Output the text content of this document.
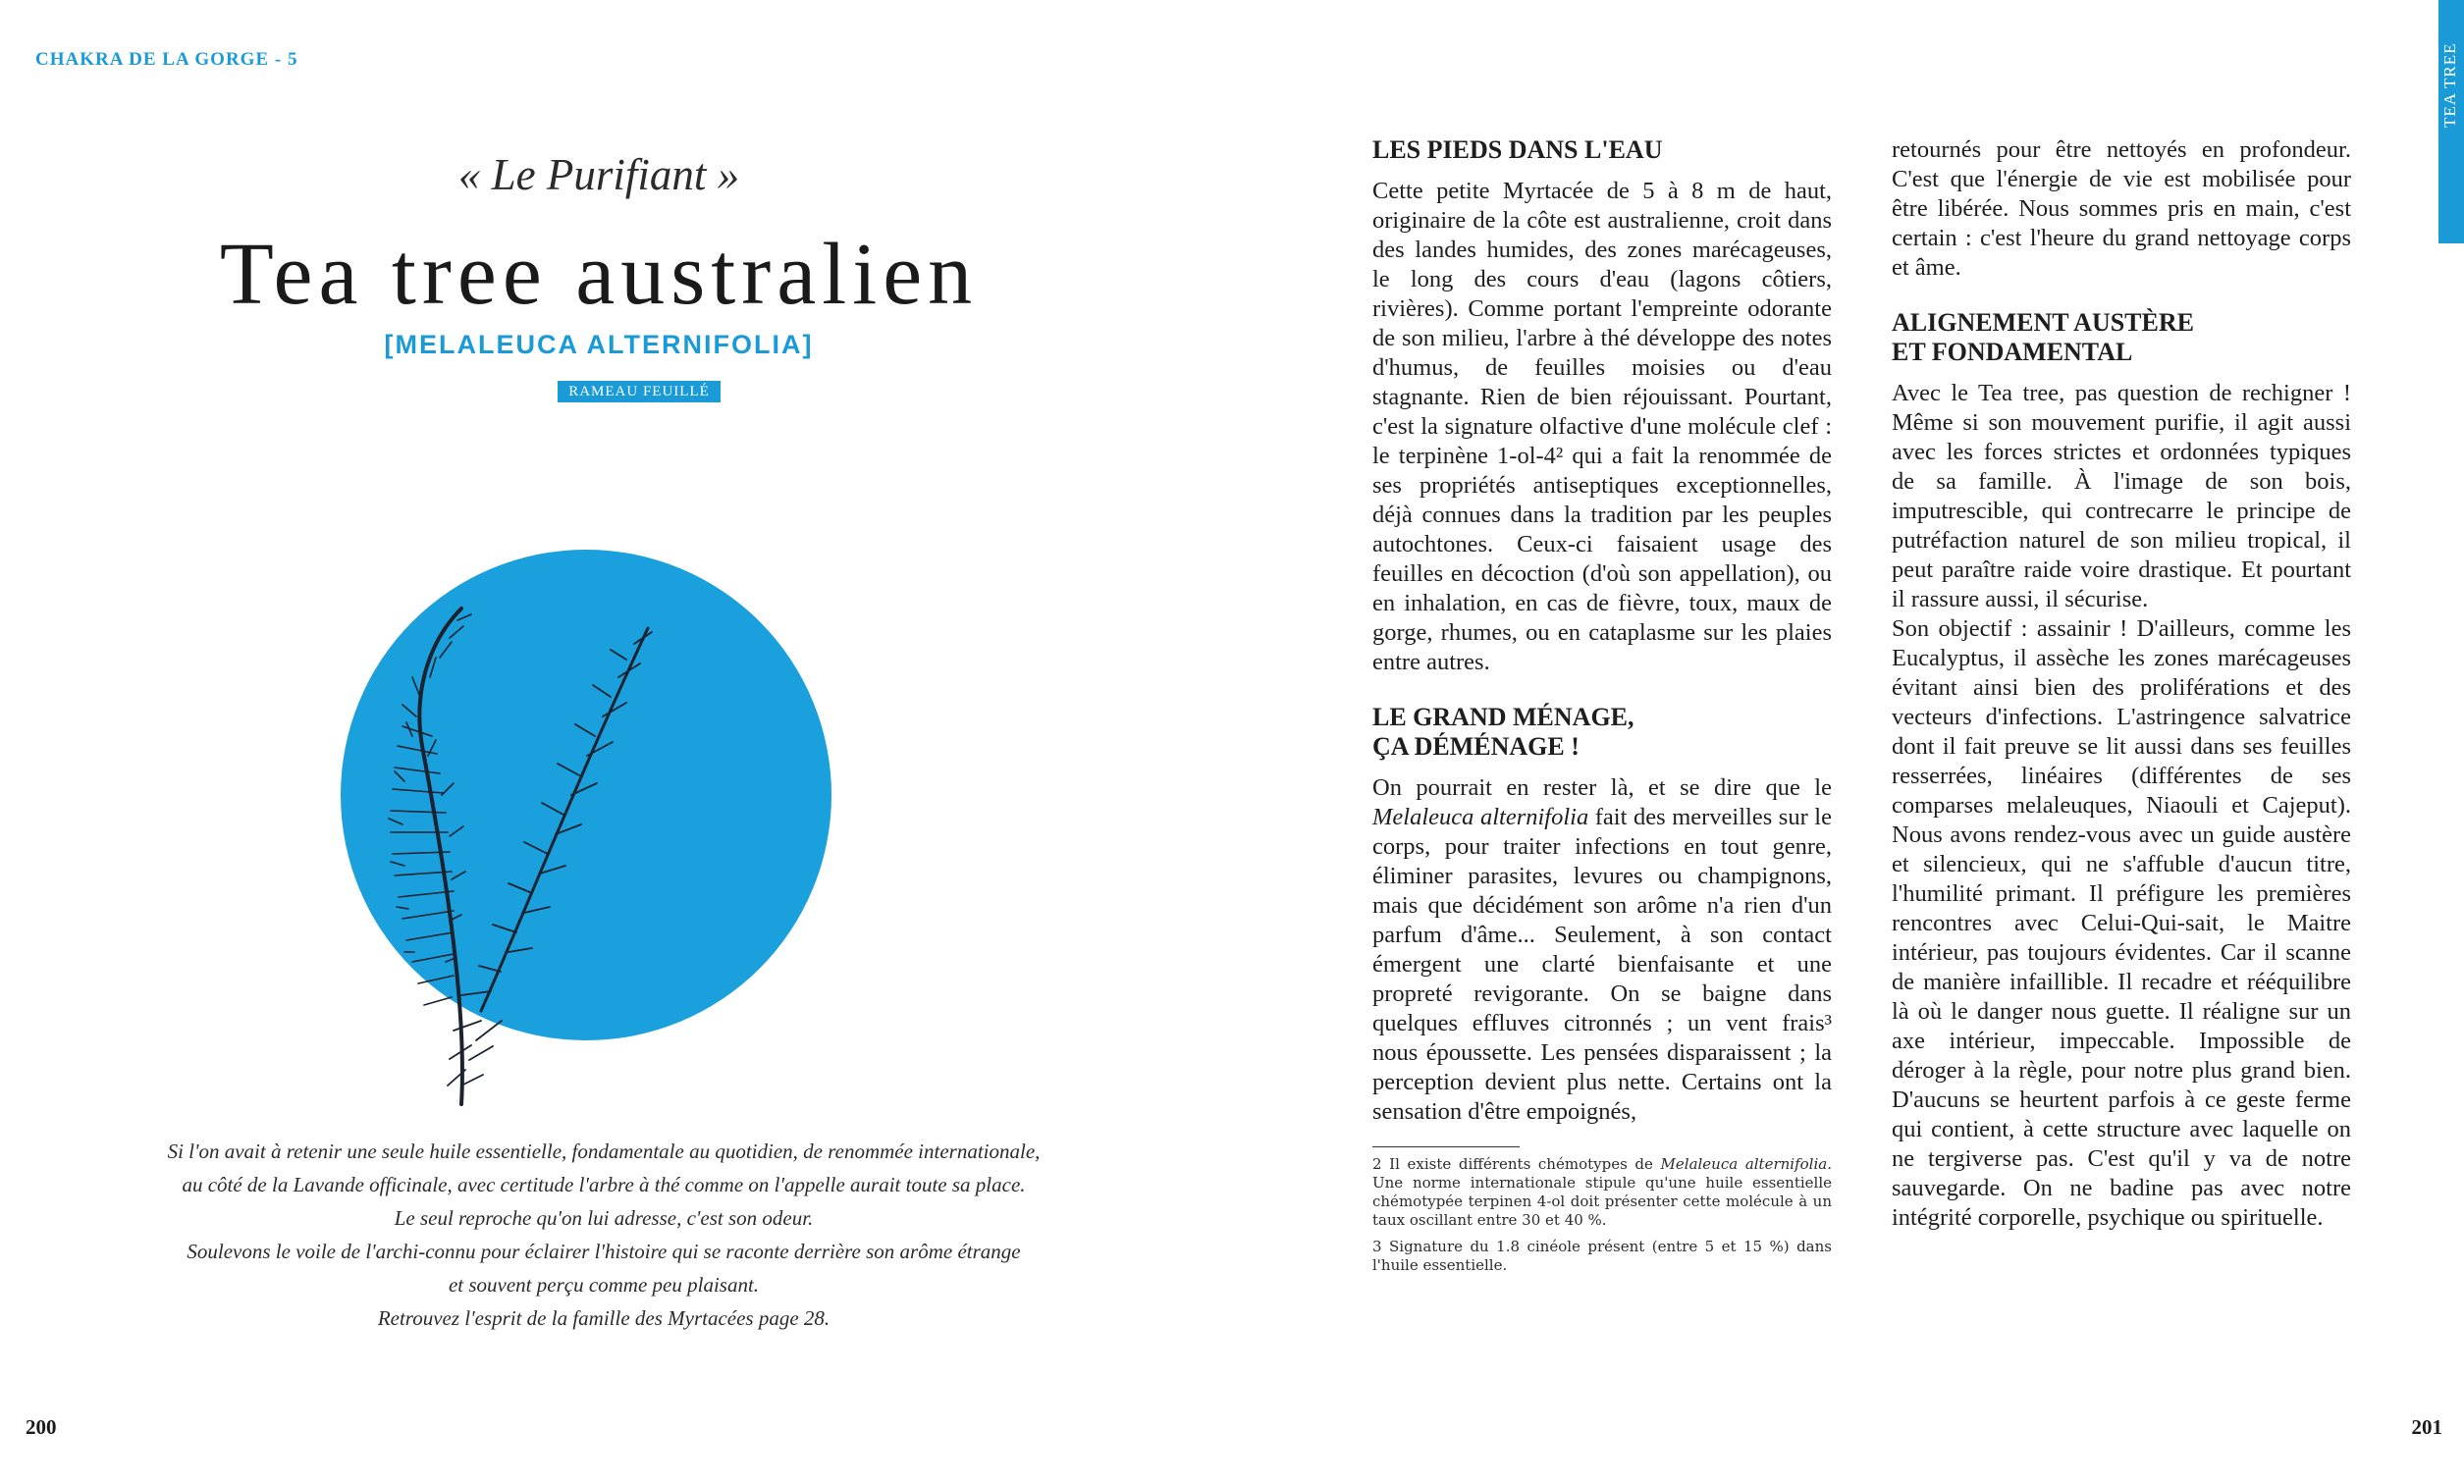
CHAKRA DE LA GORGE - 5
« Le Purifiant »
Tea tree australien
[MELALEUCA ALTERNIFOLIA]
RAMEAU FEUILLÉ

Si l'on avait à retenir une seule huile essentielle, fondamentale au quotidien, de renommée internationale,

au côté de la Lavande officinale, avec certitude l'arbre à thé comme on l'appelle aurait toute sa place.

Le seul reproche qu'on lui adresse, c'est son odeur.

Soulevons le voile de l'archi-connu pour éclairer l'histoire qui se raconte derrière son arôme étrange

et souvent perçu comme peu plaisant.

Retrouvez l'esprit de la famille des Myrtacées page 28.

200
TEA TREE
LES PIEDS DANS L'EAU

Cette petite Myrtacée de 5 à 8 m de haut, originaire de la côte est australienne, croit dans des landes humides, des zones marécageuses, le long des cours d'eau (lagons côtiers, rivières). Comme portant l'empreinte odorante de son milieu, l'arbre à thé développe des notes d'humus, de feuilles moisies ou d'eau stagnante. Rien de bien réjouissant. Pourtant, c'est la signature olfactive d'une molécule clef : le terpinène 1-ol-4² qui a fait la renommée de ses propriétés antiseptiques exceptionnelles, déjà connues dans la tradition par les peuples autochtones. Ceux-ci faisaient usage des feuilles en décoction (d'où son appellation), ou en inhalation, en cas de fièvre, toux, maux de gorge, rhumes, ou en cataplasme sur les plaies entre autres.

LE GRAND MÉNAGE,
ÇA DÉMÉNAGE !

On pourrait en rester là, et se dire que le Melaleuca alternifolia fait des merveilles sur le corps, pour traiter infections en tout genre, éliminer parasites, levures ou champignons, mais que décidément son arôme n'a rien d'un parfum d'âme... Seulement, à son contact émergent une clarté bienfaisante et une propreté revigorante. On se baigne dans quelques effluves citronnés ; un vent frais³ nous époussette. Les pensées disparaissent ; la perception devient plus nette. Certains ont la sensation d'être empoignés,

2 Il existe différents chémotypes de Melaleuca alternifolia. Une norme internationale stipule qu'une huile essentielle chémotypée terpinen 4-ol doit présenter cette molécule à un taux oscillant entre 30 et 40 %.

3 Signature du 1.8 cinéole présent (entre 5 et 15 %) dans l'huile essentielle.

retournés pour être nettoyés en profondeur. C'est que l'énergie de vie est mobilisée pour être libérée. Nous sommes pris en main, c'est certain : c'est l'heure du grand nettoyage corps et âme.

ALIGNEMENT AUSTÈRE
ET FONDAMENTAL

Avec le Tea tree, pas question de rechigner ! Même si son mouvement purifie, il agit aussi avec les forces strictes et ordonnées typiques de sa famille. À l'image de son bois, imputrescible, qui contrecarre le principe de putréfaction naturel de son milieu tropical, il peut paraître raide voire drastique. Et pourtant il rassure aussi, il sécurise.

Son objectif : assainir ! D'ailleurs, comme les Eucalyptus, il assèche les zones marécageuses évitant ainsi bien des proliférations et des vecteurs d'infections. L'astringence salvatrice dont il fait preuve se lit aussi dans ses feuilles resserrées, linéaires (différentes de ses comparses melaleuques, Niaouli et Cajeput). Nous avons rendez-vous avec un guide austère et silencieux, qui ne s'affuble d'aucun titre, l'humilité primant. Il préfigure les premières rencontres avec Celui-Qui-sait, le Maitre intérieur, pas toujours évidentes. Car il scanne de manière infaillible. Il recadre et rééquilibre là où le danger nous guette. Il réaligne sur un axe intérieur, impeccable. Impossible de déroger à la règle, pour notre plus grand bien. D'aucuns se heurtent parfois à ce geste ferme qui contient, à cette structure avec laquelle on ne tergiverse pas. C'est qu'il y va de notre sauvegarde. On ne badine pas avec notre intégrité corporelle, psychique ou spirituelle.

201
